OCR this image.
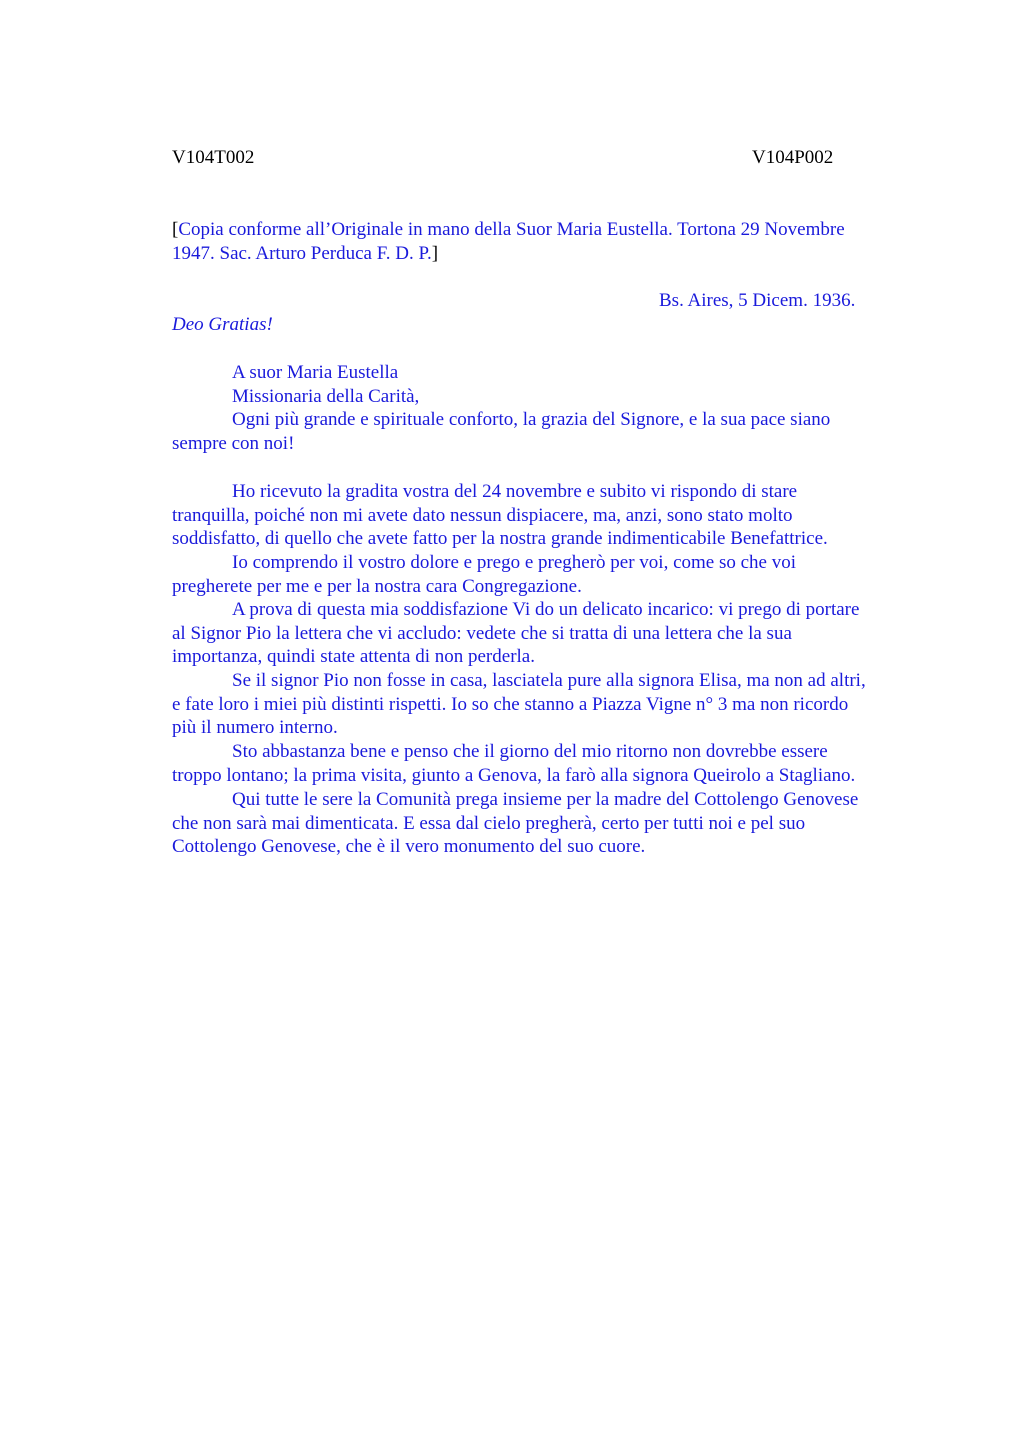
V104T002	V104P002
[Copia conforme all’Originale in mano della Suor Maria Eustella. Tortona 29 Novembre
1947. Sac. Arturo Perduca F. D. P.]
Bs. Aires, 5 Dicem. 1936.
Deo Gratias!
A suor Maria Eustella
Missionaria della Carità,

Ogni più grande e spirituale conforto, la grazia del Signore, e la sua pace siano
sempre con noi!

Ho ricevuto la gradita vostra del 24 novembre e subito vi rispondo di stare
tranquilla, poiché non mi avete dato nessun dispiacere, ma, anzi, sono stato molto
soddisfatto, di quello che avete fatto per la nostra grande indimenticabile Benefattrice.

Io comprendo il vostro dolore e prego e pregherò per voi, come so che voi
pregherete per me e per la nostra cara Congregazione.

A prova di questa mia soddisfazione Vi do un delicato incarico: vi prego di portare
al Signor Pio la lettera che vi accludo: vedete che si tratta di una lettera che la sua
importanza, quindi state attenta di non perderla.

Se il signor Pio non fosse in casa, lasciatela pure alla signora Elisa, ma non ad altri,
e fate loro i miei più distinti rispetti. Io so che stanno a Piazza Vigne n° 3 ma non ricordo
più il numero interno.

Sto abbastanza bene e penso che il giorno del mio ritorno non dovrebbe essere
troppo lontano; la prima visita, giunto a Genova, la farò alla signora Queirolo a Stagliano.

Qui tutte le sere la Comunità prega insieme per la madre del Cottolengo Genovese
che non sarà mai dimenticata. E essa dal cielo pregherà, certo per tutti noi e pel suo
Cottolengo Genovese, che è il vero monumento del suo cuore.
